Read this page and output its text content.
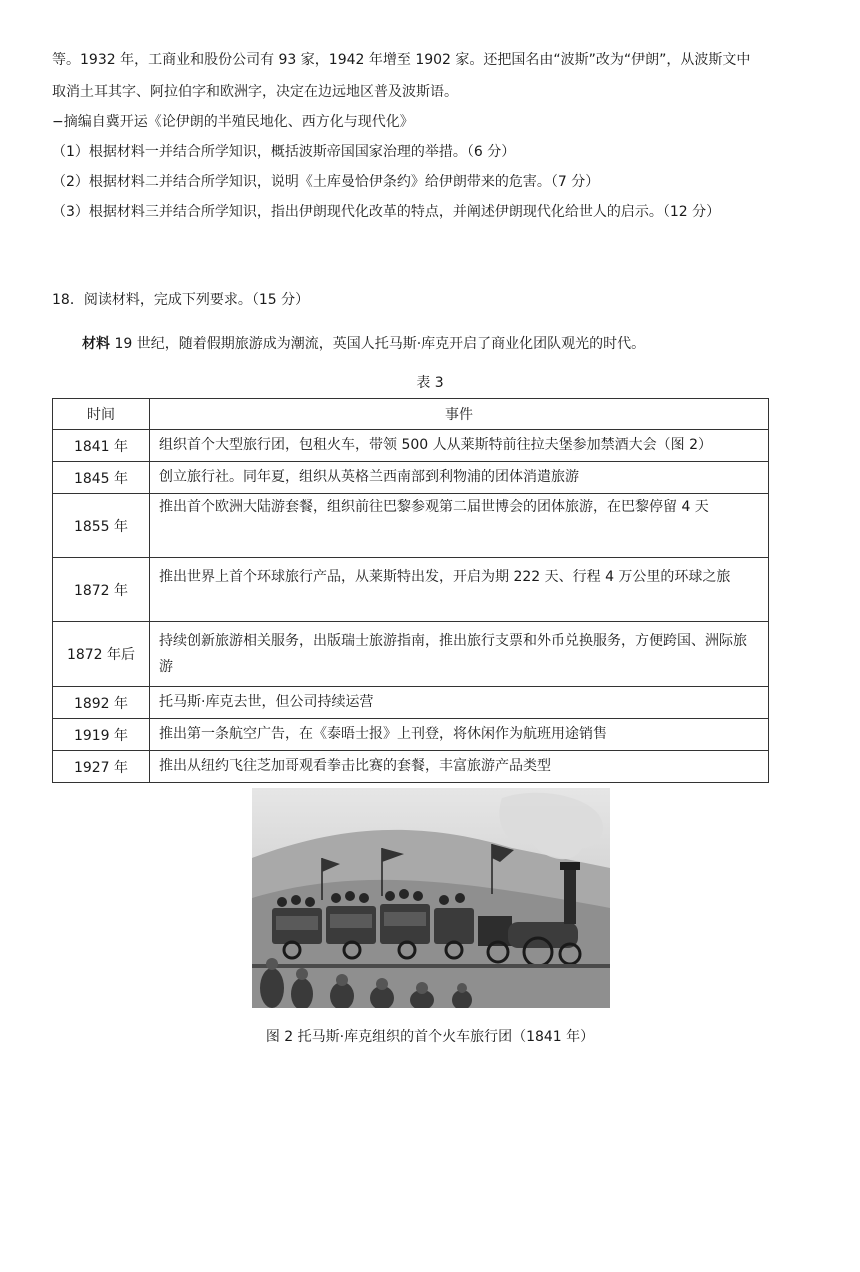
等。1932 年，工商业和股份公司有 93 家，1942 年增至 1902 家。还把国名由“波斯”改为“伊朗”，从波斯文中
取消土耳其字、阿拉伯字和欧洲字，决定在边远地区普及波斯语。
−摘编自冀开运《论伊朗的半殖民地化、西方化与现代化》
（1）根据材料一并结合所学知识，概括波斯帝国国家治理的举措。（6 分）
（2）根据材料二并结合所学知识，说明《土库曼恰伊条约》给伊朗带来的危害。（7 分）
（3）根据材料三并结合所学知识，指出伊朗现代化改革的特点，并阐述伊朗现代化给世人的启示。（12 分）
18．阅读材料，完成下列要求。（15 分）
材料 19 世纪，随着假期旅游成为潮流，英国人托马斯·库克开启了商业化团队观光的时代。
表 3
时间	事件
1841 年	组织首个大型旅行团，包租火车，带领 500 人从莱斯特前往拉夫堡参加禁酒大会（图 2）
1845 年	创立旅行社。同年夏，组织从英格兰西南部到利物浦的团体消遣旅游
1855 年	推出首个欧洲大陆游套餐，组织前往巴黎参观第二届世博会的团体旅游，在巴黎停留 4 天
1872 年	推出世界上首个环球旅行产品，从莱斯特出发，开启为期 222 天、行程 4 万公里的环球之旅
1872 年后	持续创新旅游相关服务，出版瑞士旅游指南，推出旅行支票和外币兑换服务，方便跨国、洲际旅游
1892 年	托马斯·库克去世，但公司持续运营
1919 年	推出第一条航空广告，在《泰晤士报》上刊登，将休闲作为航班用途销售
1927 年	推出从纽约飞往芝加哥观看拳击比赛的套餐，丰富旅游产品类型
图 2 托马斯·库克组织的首个火车旅行团（1841 年）
